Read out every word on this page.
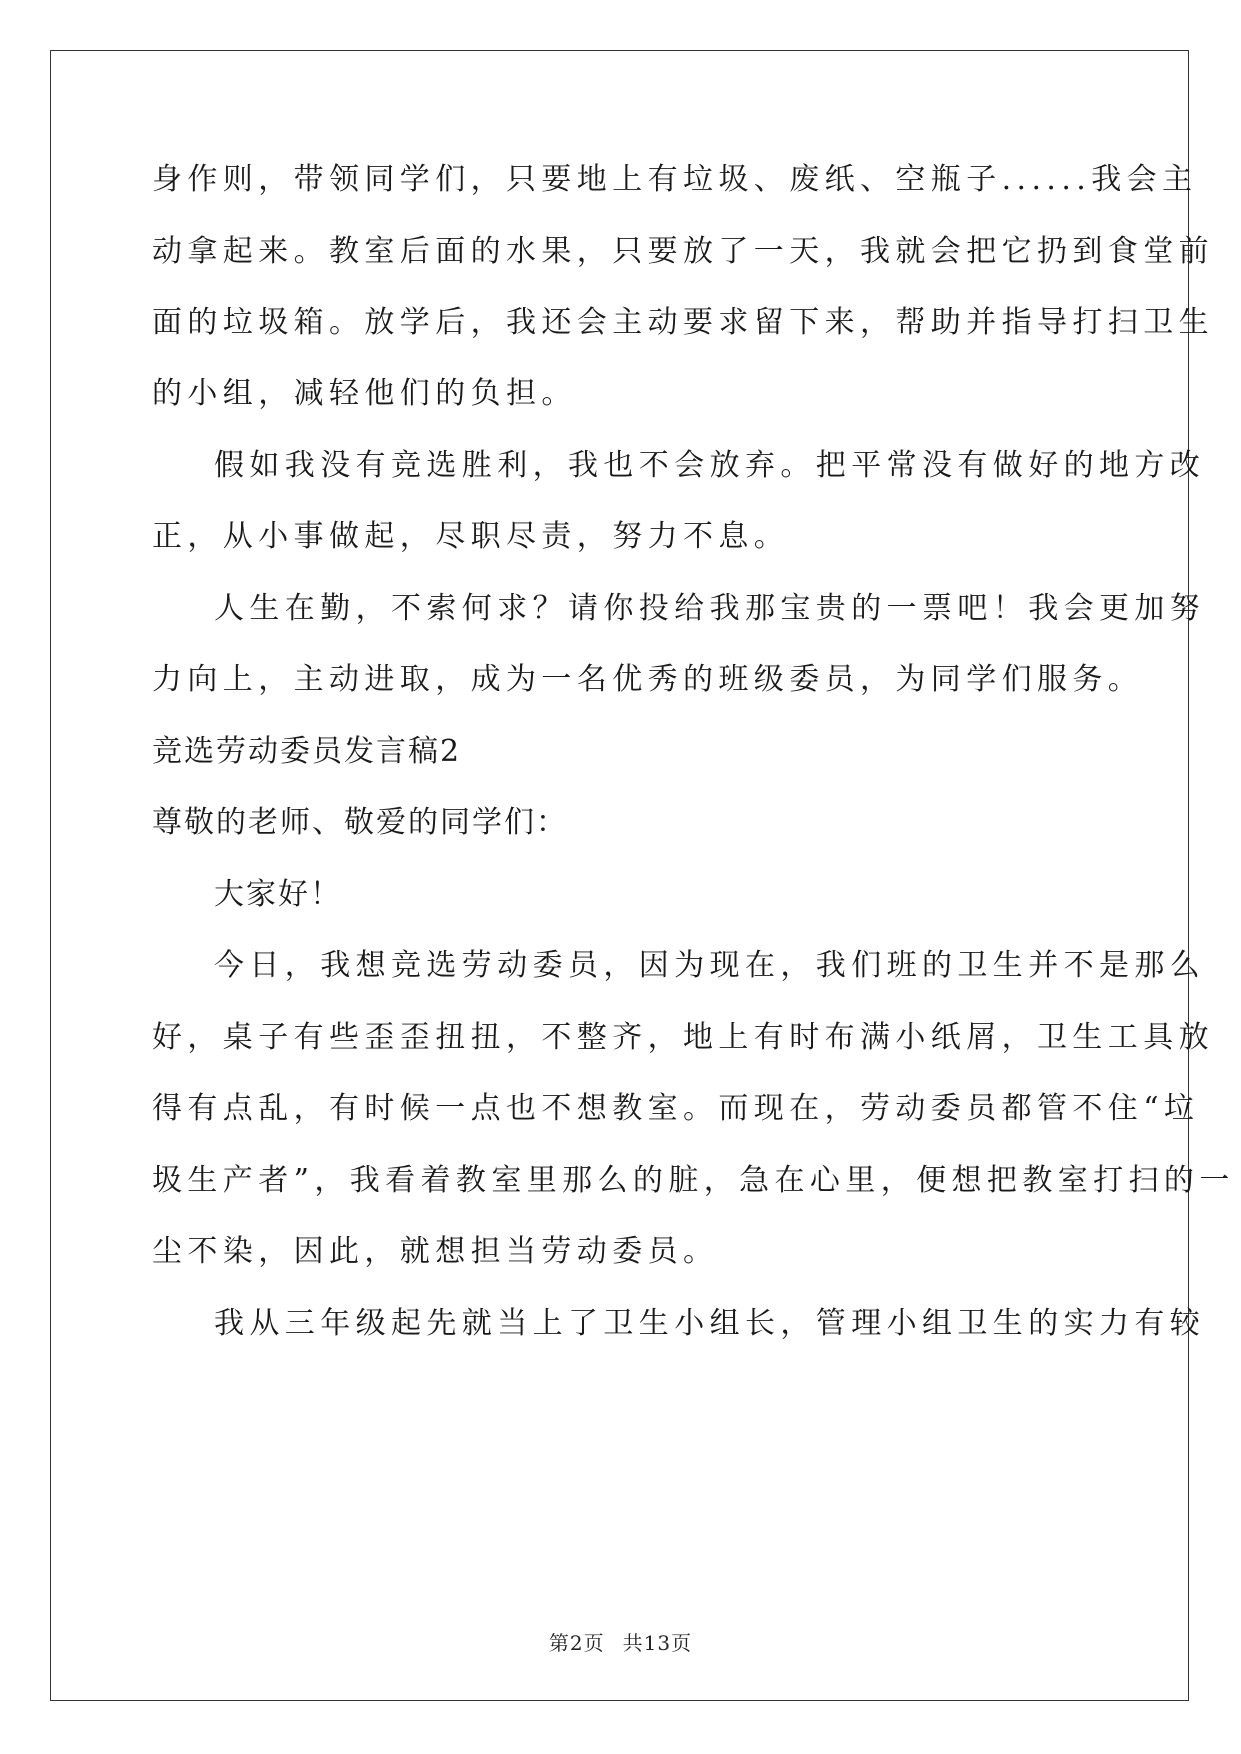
身作则，带领同学们，只要地上有垃圾、废纸、空瓶子......我会主
动拿起来。教室后面的水果，只要放了一天，我就会把它扔到食堂前
面的垃圾箱。放学后，我还会主动要求留下来，帮助并指导打扫卫生
的小组，减轻他们的负担。
假如我没有竞选胜利，我也不会放弃。把平常没有做好的地方改
正，从小事做起，尽职尽责，努力不息。
人生在勤，不索何求？请你投给我那宝贵的一票吧！我会更加努
力向上，主动进取，成为一名优秀的班级委员，为同学们服务。
竞选劳动委员发言稿2
尊敬的老师、敬爱的同学们：
大家好！
今日，我想竞选劳动委员，因为现在，我们班的卫生并不是那么
好，桌子有些歪歪扭扭，不整齐，地上有时布满小纸屑，卫生工具放
得有点乱，有时候一点也不想教室。而现在，劳动委员都管不住“垃
圾生产者”，我看着教室里那么的脏，急在心里，便想把教室打扫的一
尘不染，因此，就想担当劳动委员。
我从三年级起先就当上了卫生小组长，管理小组卫生的实力有较
第2页 共13页
